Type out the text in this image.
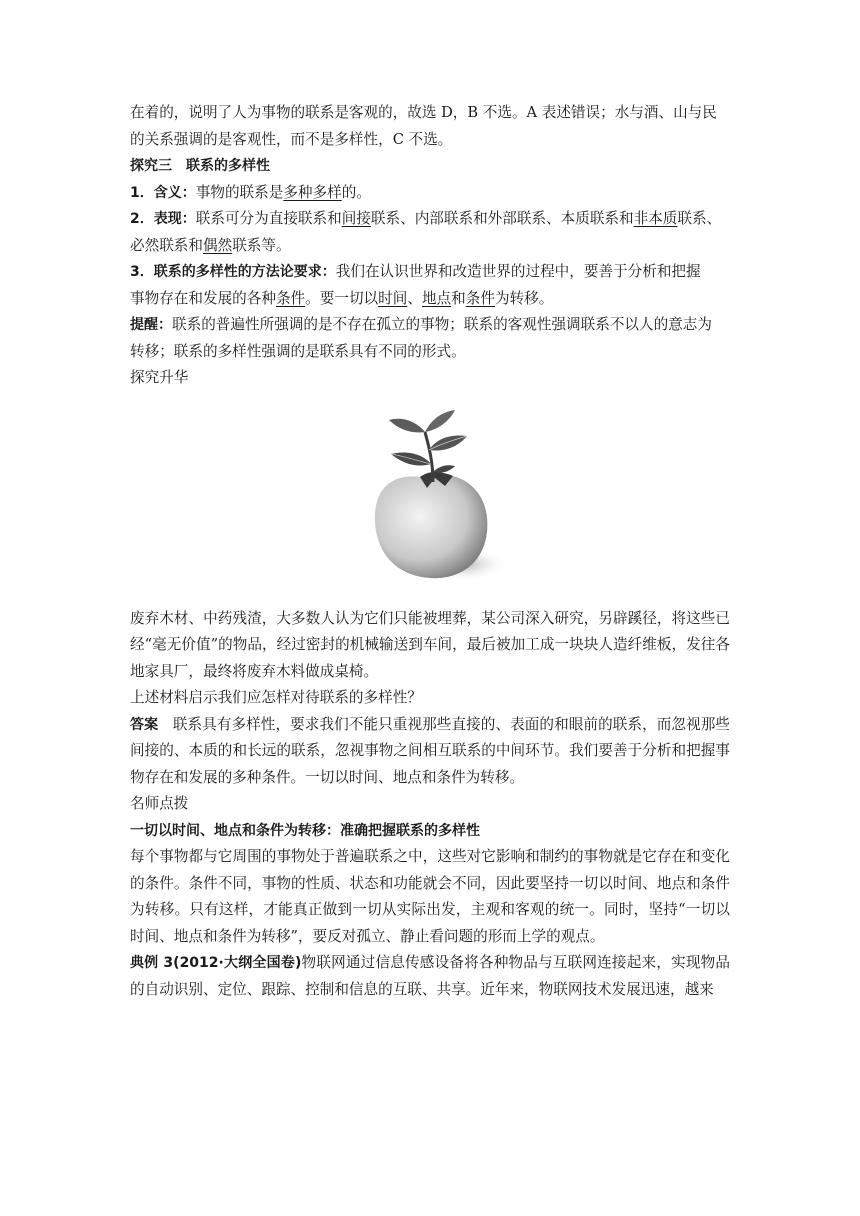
在着的，说明了人为事物的联系是客观的，故选 D，B 不选。A 表述错误；水与酒、山与民

的关系强调的是客观性，而不是多样性，C 不选。

探究三　联系的多样性

1．含义：事物的联系是多种多样的。

2．表现：联系可分为直接联系和间接联系、内部联系和外部联系、本质联系和非本质联系、
必然联系和偶然联系等。

3．联系的多样性的方法论要求：我们在认识世界和改造世界的过程中，要善于分析和把握
事物存在和发展的各种条件。要一切以时间、地点和条件为转移。

提醒：联系的普遍性所强调的是不存在孤立的事物；联系的客观性强调联系不以人的意志为
转移；联系的多样性强调的是联系具有不同的形式。

探究升华

废弃木材、中药残渣，大多数人认为它们只能被埋葬，某公司深入研究，另辟蹊径，将这些已经“毫无价值”的物品，经过密封的机械输送到车间，最后被加工成一块块人造纤维板，发往各地家具厂，最终将废弃木料做成桌椅。

上述材料启示我们应怎样对待联系的多样性？

答案　联系具有多样性，要求我们不能只重视那些直接的、表面的和眼前的联系，而忽视那些间接的、本质的和长远的联系，忽视事物之间相互联系的中间环节。我们要善于分析和把握事物存在和发展的多种条件。一切以时间、地点和条件为转移。

名师点拨

一切以时间、地点和条件为转移：准确把握联系的多样性

每个事物都与它周围的事物处于普遍联系之中，这些对它影响和制约的事物就是它存在和变化的条件。条件不同，事物的性质、状态和功能就会不同，因此要坚持一切以时间、地点和条件为转移。只有这样，才能真正做到一切从实际出发，主观和客观的统一。同时，坚持“一切以时间、地点和条件为转移”，要反对孤立、静止看问题的形而上学的观点。

典例 3(2012·大纲全国卷)物联网通过信息传感设备将各种物品与互联网连接起来，实现物品的自动识别、定位、跟踪、控制和信息的互联、共享。近年来，物联网技术发展迅速，越来
